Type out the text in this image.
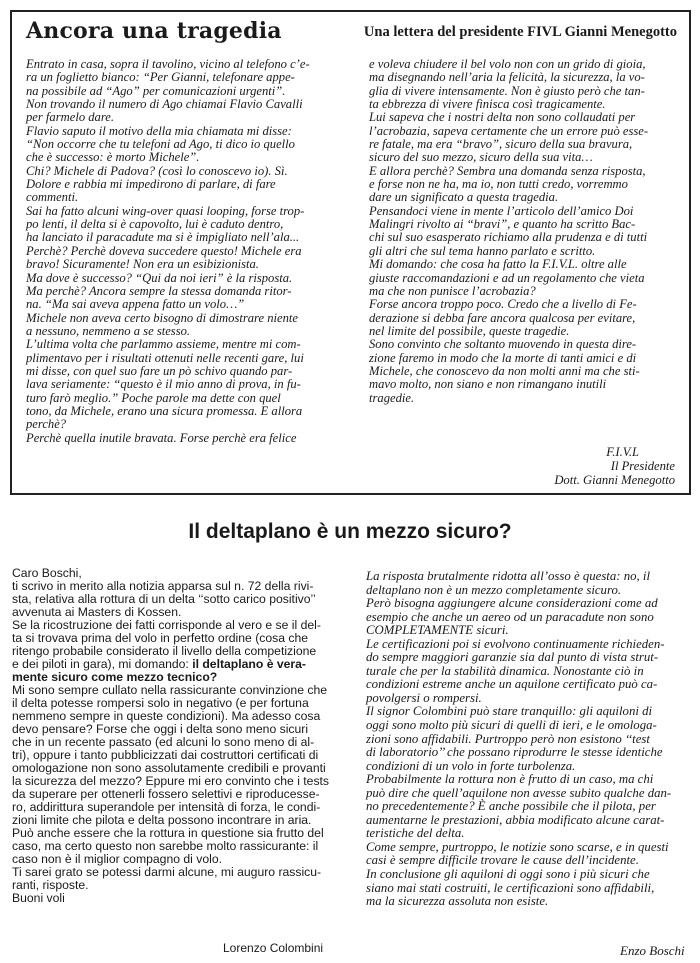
Ancora una tragedia	Una lettera del presidente FIVL Gianni Menegotto
Entrato in casa, sopra il tavolino, vicino al telefono c’e-
ra un foglietto bianco: “Per Gianni, telefonare appe-
na possibile ad “Ago” per comunicazioni urgenti”.
Non trovando il numero di Ago chiamai Flavio Cavalli
per farmelo dare.
Flavio saputo il motivo della mia chiamata mi disse:
“Non occorre che tu telefoni ad Ago, ti dico io quello
che è successo: è morto Michele”.
Chi? Michele di Padova? (così lo conoscevo io). Sì.
Dolore e rabbia mi impedirono di parlare, di fare
commenti.
Sai ha fatto alcuni wing-over quasi looping, forse trop-
po lenti, il delta si è capovolto, lui è caduto dentro,
ha lanciato il paracadute ma si è impigliato nell’ala...
Perchè? Perchè doveva succedere questo! Michele era
bravo! Sicuramente! Non era un esibizionista.
Ma dove è successo? “Qui da noi ieri” è la risposta.
Ma perchè? Ancora sempre la stessa domanda ritor-
na. “Ma sai aveva appena fatto un volo…”
Michele non aveva certo bisogno di dimostrare niente
a nessuno, nemmeno a se stesso.
L’ultima volta che parlammo assieme, mentre mi com-
plimentavo per i risultati ottenuti nelle recenti gare, lui
mi disse, con quel suo fare un pò schivo quando par-
lava seriamente: “questo è il mio anno di prova, in fu-
turo farò meglio.” Poche parole ma dette con quel
tono, da Michele, erano una sicura promessa. E allora
perchè?
Perchè quella inutile bravata. Forse perchè era felice
e voleva chiudere il bel volo non con un grido di gioia,
ma disegnando nell’aria la felicità, la sicurezza, la vo-
glia di vivere intensamente. Non è giusto però che tan-
ta ebbrezza di vivere finisca così tragicamente.
Lui sapeva che i nostri delta non sono collaudati per
l’acrobazia, sapeva certamente che un errore può esse-
re fatale, ma era “bravo”, sicuro della sua bravura,
sicuro del suo mezzo, sicuro della sua vita…
E allora perchè? Sembra una domanda senza risposta,
e forse non ne ha, ma io, non tutti credo, vorremmo
dare un significato a questa tragedia.
Pensandoci viene in mente l’articolo dell’amico Doi
Malingri rivolto ai “bravi”, e quanto ha scritto Bac-
chi sul suo esasperato richiamo alla prudenza e di tutti
gli altri che sul tema hanno parlato e scritto.
Mi domando: che cosa ha fatto la F.I.V.L. oltre alle
giuste raccomandazioni e ad un regolamento che vieta
ma che non punisce l’acrobazia?
Forse ancora troppo poco. Credo che a livello di Fe-
derazione si debba fare ancora qualcosa per evitare,
nel limite del possibile, queste tragedie.
Sono convinto che soltanto muovendo in questa dire-
zione faremo in modo che la morte di tanti amici e di
Michele, che conoscevo da non molti anni ma che sti-
mavo molto, non siano e non rimangano inutili
tragedie.
F.I.V.L
Il Presidente
Dott. Gianni Menegotto
Il deltaplano è un mezzo sicuro?
Caro Boschi,
ti scrivo in merito alla notizia apparsa sul n. 72 della rivi-
sta, relativa alla rottura di un delta ‘‘sotto carico positivo’’
avvenuta ai Masters di Kossen.
Se la ricostruzione dei fatti corrisponde al vero e se il del-
ta si trovava prima del volo in perfetto ordine (cosa che
ritengo probabile considerato il livello della competizione
e dei piloti in gara), mi domando: il deltaplano è vera-
mente sicuro come mezzo tecnico?
Mi sono sempre cullato nella rassicurante convinzione che
il delta potesse rompersi solo in negativo (e per fortuna
nemmeno sempre in queste condizioni). Ma adesso cosa
devo pensare? Forse che oggi i delta sono meno sicuri
che in un recente passato (ed alcuni lo sono meno di al-
tri), oppure i tanto pubblicizzati dai costruttori certificati di
omologazione non sono assolutamente credibili e provanti
la sicurezza del mezzo? Eppure mi ero convinto che i tests
da superare per ottenerli fossero selettivi e riproducesse-
ro, addirittura superandole per intensità di forza, le condi-
zioni limite che pilota e delta possono incontrare in aria.
Può anche essere che la rottura in questione sia frutto del
caso, ma certo questo non sarebbe molto rassicurante: il
caso non è il miglior compagno di volo.
Ti sarei grato se potessi darmi alcune, mi auguro rassicu-
ranti, risposte.
Buoni voli
Lorenzo Colombini
La risposta brutalmente ridotta all’osso è questa: no, il
deltaplano non è un mezzo completamente sicuro.
Però bisogna aggiungere alcune considerazioni come ad
esempio che anche un aereo od un paracadute non sono
COMPLETAMENTE sicuri.
Le certificazioni poi si evolvono continuamente richieden-
do sempre maggiori garanzie sia dal punto di vista strut-
turale che per la stabilità dinamica. Nonostante ciò in
condizioni estreme anche un aquilone certificato può ca-
povolgersi o rompersi.
Il signor Colombini può stare tranquillo: gli aquiloni di
oggi sono molto più sicuri di quelli di ieri, e le omologa-
zioni sono affidabili. Purtroppo però non esistono ‘‘test
di laboratorio’’ che possano riprodurre le stesse identiche
condizioni di un volo in forte turbolenza.
Probabilmente la rottura non è frutto di un caso, ma chi
può dire che quell’aquilone non avesse subito qualche dan-
no precedentemente? È anche possibile che il pilota, per
aumentarne le prestazioni, abbia modificato alcune carat-
teristiche del delta.
Come sempre, purtroppo, le notizie sono scarse, e in questi
casi è sempre difficile trovare le cause dell’incidente.
In conclusione gli aquiloni di oggi sono i più sicuri che
siano mai stati costruiti, le certificazioni sono affidabili,
ma la sicurezza assoluta non esiste.
Enzo Boschi
